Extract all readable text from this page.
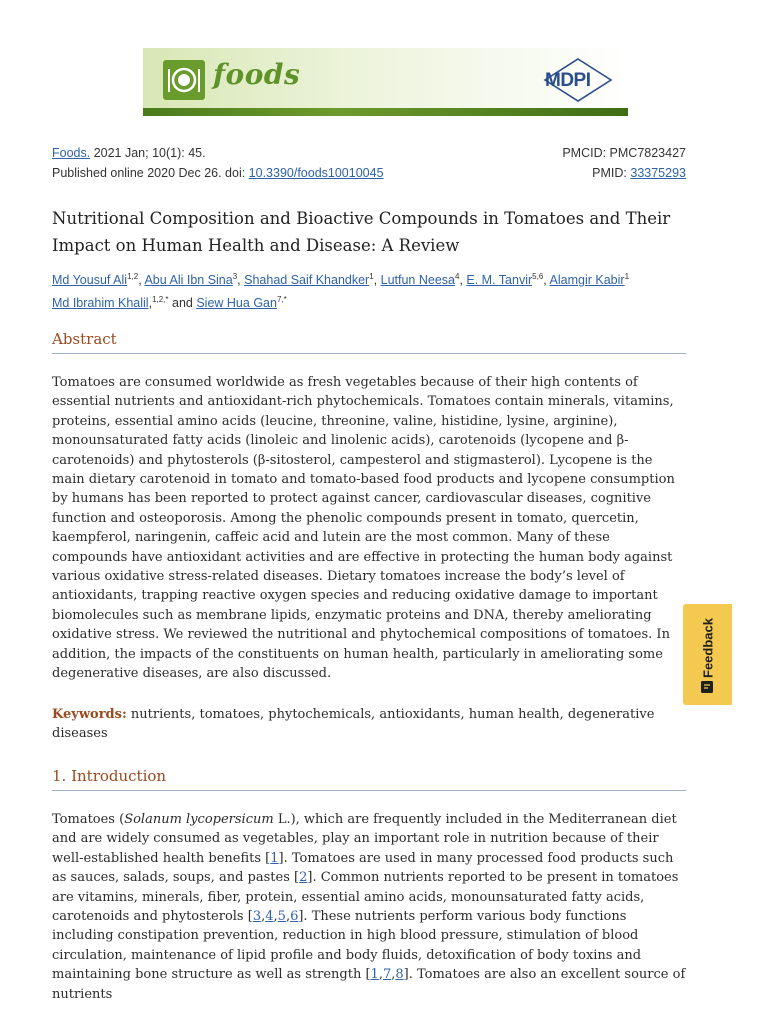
foods	MDPI
Foods. 2021 Jan; 10(1): 45.
Published online 2020 Dec 26. doi: 10.3390/foods10010045
PMCID: PMC7823427
PMID: 33375293
Nutritional Composition and Bioactive Compounds in Tomatoes and Their Impact on Human Health and Disease: A Review
Md Yousuf Ali$^{1,2}$, Abu Ali Ibn Sina$^3$, Shahad Saif Khandker$^1$, Lutfun Neesa$^4$, E. M. Tanvir$^{5,6}$, Alamgir Kabir$^1$
Md Ibrahim Khalil,$^{1,2,*}$ and Siew Hua Gan$^{7,*}$
Abstract

Tomatoes are consumed worldwide as fresh vegetables because of their high contents of essential nutrients and antioxidant-rich phytochemicals. Tomatoes contain minerals, vitamins, proteins, essential amino acids (leucine, threonine, valine, histidine, lysine, arginine), monounsaturated fatty acids (linoleic and linolenic acids), carotenoids (lycopene and β-carotenoids) and phytosterols (β-sitosterol, campesterol and stigmasterol). Lycopene is the main dietary carotenoid in tomato and tomato-based food products and lycopene consumption by humans has been reported to protect against cancer, cardiovascular diseases, cognitive function and osteoporosis. Among the phenolic compounds present in tomato, quercetin, kaempferol, naringenin, caffeic acid and lutein are the most common. Many of these compounds have antioxidant activities and are effective in protecting the human body against various oxidative stress-related diseases. Dietary tomatoes increase the body’s level of antioxidants, trapping reactive oxygen species and reducing oxidative damage to important biomolecules such as membrane lipids, enzymatic proteins and DNA, thereby ameliorating oxidative stress. We reviewed the nutritional and phytochemical compositions of tomatoes. In addition, the impacts of the constituents on human health, particularly in ameliorating some degenerative diseases, are also discussed.

Keywords: nutrients, tomatoes, phytochemicals, antioxidants, human health, degenerative diseases

1. Introduction

Tomatoes (Solanum lycopersicum L.), which are frequently included in the Mediterranean diet and are widely consumed as vegetables, play an important role in nutrition because of their well-established health benefits [1]. Tomatoes are used in many processed food products such as sauces, salads, soups, and pastes [2]. Common nutrients reported to be present in tomatoes are vitamins, minerals, fiber, protein, essential amino acids, monounsaturated fatty acids, carotenoids and phytosterols [3,4,5,6]. These nutrients perform various body functions including constipation prevention, reduction in high blood pressure, stimulation of blood circulation, maintenance of lipid profile and body fluids, detoxification of body toxins and maintaining bone structure as well as strength [1,7,8]. Tomatoes are also an excellent source of nutrients

Feedback
